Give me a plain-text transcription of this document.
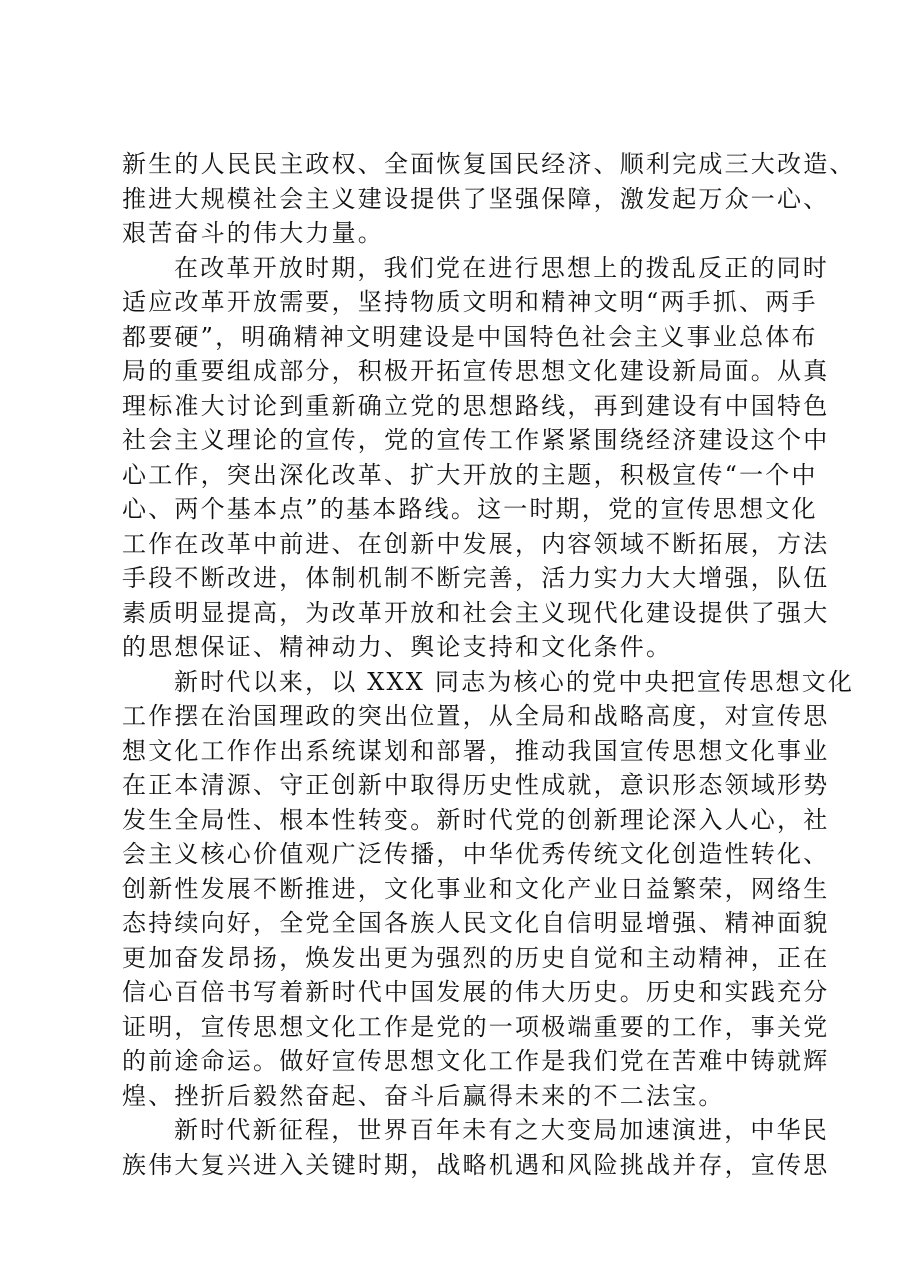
新生的人民民主政权、全面恢复国民经济、顺利完成三大改造、
推进大规模社会主义建设提供了坚强保障，激发起万众一心、
艰苦奋斗的伟大力量。
在改革开放时期，我们党在进行思想上的拨乱反正的同时
适应改革开放需要，坚持物质文明和精神文明“两手抓、两手
都要硬”，明确精神文明建设是中国特色社会主义事业总体布
局的重要组成部分，积极开拓宣传思想文化建设新局面。从真
理标准大讨论到重新确立党的思想路线，再到建设有中国特色
社会主义理论的宣传，党的宣传工作紧紧围绕经济建设这个中
心工作，突出深化改革、扩大开放的主题，积极宣传“一个中
心、两个基本点”的基本路线。这一时期，党的宣传思想文化
工作在改革中前进、在创新中发展，内容领域不断拓展，方法
手段不断改进，体制机制不断完善，活力实力大大增强，队伍
素质明显提高，为改革开放和社会主义现代化建设提供了强大
的思想保证、精神动力、舆论支持和文化条件。
新时代以来，以 XXX 同志为核心的党中央把宣传思想文化
工作摆在治国理政的突出位置，从全局和战略高度，对宣传思
想文化工作作出系统谋划和部署，推动我国宣传思想文化事业
在正本清源、守正创新中取得历史性成就，意识形态领域形势
发生全局性、根本性转变。新时代党的创新理论深入人心，社
会主义核心价值观广泛传播，中华优秀传统文化创造性转化、
创新性发展不断推进，文化事业和文化产业日益繁荣，网络生
态持续向好，全党全国各族人民文化自信明显增强、精神面貌
更加奋发昂扬，焕发出更为强烈的历史自觉和主动精神，正在
信心百倍书写着新时代中国发展的伟大历史。历史和实践充分
证明，宣传思想文化工作是党的一项极端重要的工作，事关党
的前途命运。做好宣传思想文化工作是我们党在苦难中铸就辉
煌、挫折后毅然奋起、奋斗后赢得未来的不二法宝。
新时代新征程，世界百年未有之大变局加速演进，中华民
族伟大复兴进入关键时期，战略机遇和风险挑战并存，宣传思
